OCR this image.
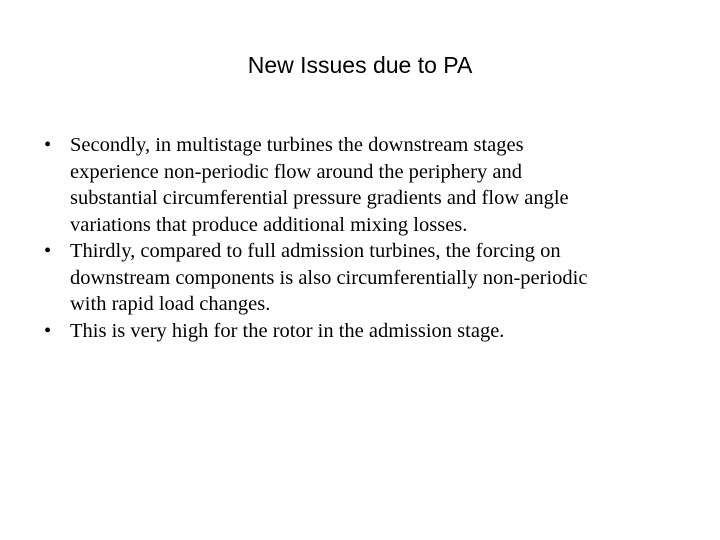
New Issues due to PA
• Secondly, in multistage turbines the downstream stages
experience non-periodic flow around the periphery and
substantial circumferential pressure gradients and flow angle
variations that produce additional mixing losses.
• Thirdly, compared to full admission turbines, the forcing on
downstream components is also circumferentially non-periodic
with rapid load changes.
• This is very high for the rotor in the admission stage.
